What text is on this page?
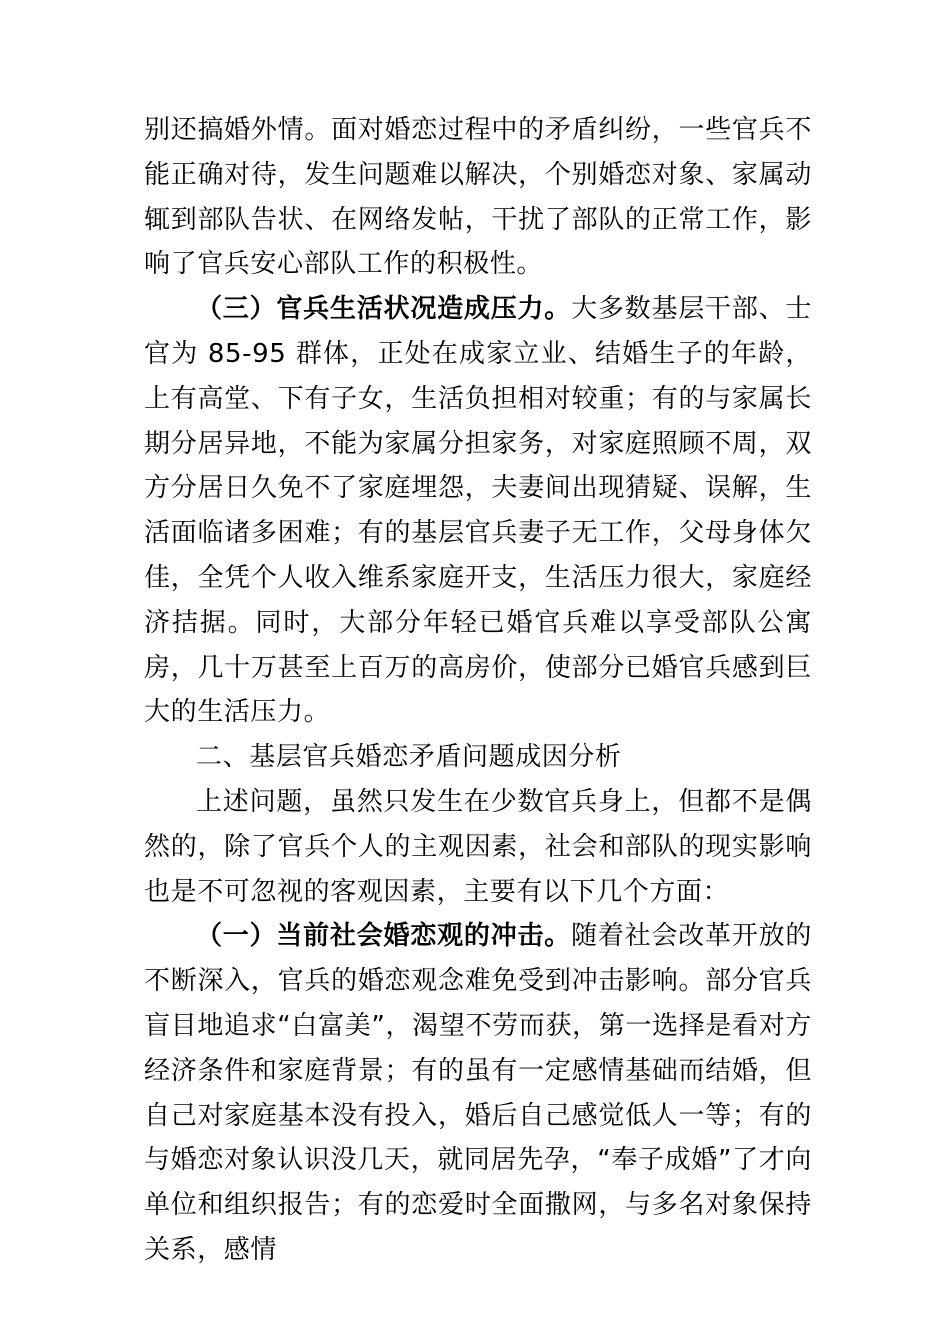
别还搞婚外情。面对婚恋过程中的矛盾纠纷，一些官兵不能正确对待，发生问题难以解决，个别婚恋对象、家属动辄到部队告状、在网络发帖，干扰了部队的正常工作，影响了官兵安心部队工作的积极性。

（三）官兵生活状况造成压力。大多数基层干部、士官为 85-95 群体，正处在成家立业、结婚生子的年龄，上有高堂、下有子女，生活负担相对较重；有的与家属长期分居异地，不能为家属分担家务，对家庭照顾不周，双方分居日久免不了家庭埋怨，夫妻间出现猜疑、误解，生活面临诸多困难；有的基层官兵妻子无工作，父母身体欠佳，全凭个人收入维系家庭开支，生活压力很大，家庭经济拮据。同时，大部分年轻已婚官兵难以享受部队公寓房，几十万甚至上百万的高房价，使部分已婚官兵感到巨大的生活压力。

二、基层官兵婚恋矛盾问题成因分析

上述问题，虽然只发生在少数官兵身上，但都不是偶然的，除了官兵个人的主观因素，社会和部队的现实影响也是不可忽视的客观因素，主要有以下几个方面：

（一）当前社会婚恋观的冲击。随着社会改革开放的不断深入，官兵的婚恋观念难免受到冲击影响。部分官兵盲目地追求“白富美”，渴望不劳而获，第一选择是看对方经济条件和家庭背景；有的虽有一定感情基础而结婚，但自己对家庭基本没有投入，婚后自己感觉低人一等；有的与婚恋对象认识没几天，就同居先孕，“奉子成婚”了才向单位和组织报告；有的恋爱时全面撒网，与多名对象保持关系，感情
